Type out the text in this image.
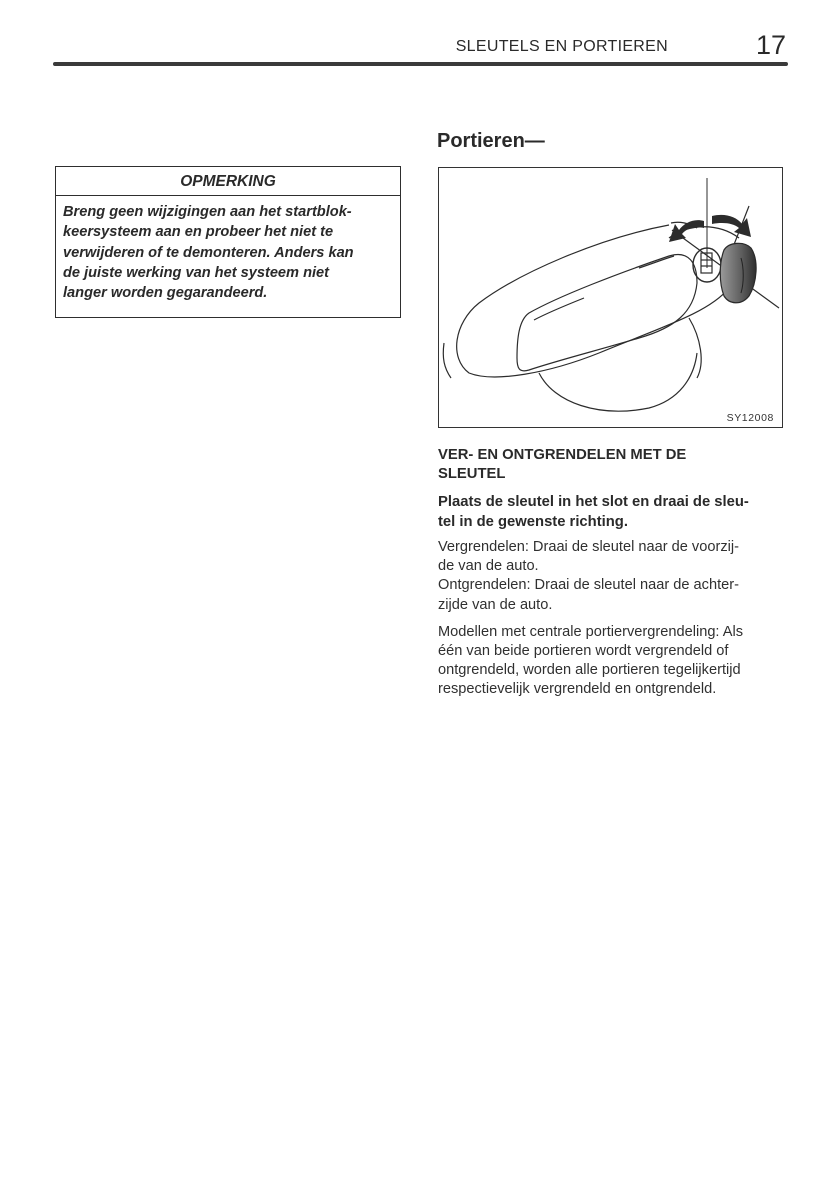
SLEUTELS EN PORTIEREN	17
OPMERKING
Breng geen wijzigingen aan het startblok-
keersysteem aan en probeer het niet te
verwijderen of te demonteren. Anders kan
de juiste werking van het systeem niet
langer worden gegarandeerd.
Portieren—
SY12008
VER- EN ONTGRENDELEN MET DE
SLEUTEL
Plaats de sleutel in het slot en draai de sleu-
tel in de gewenste richting.

Vergrendelen: Draai de sleutel naar de voorzij-
de van de auto.

Ontgrendelen: Draai de sleutel naar de achter-
zijde van de auto.

Modellen met centrale portiervergrendeling: Als
één van beide portieren wordt vergrendeld of
ontgrendeld, worden alle portieren tegelijkertijd
respectievelijk vergrendeld en ontgrendeld.
